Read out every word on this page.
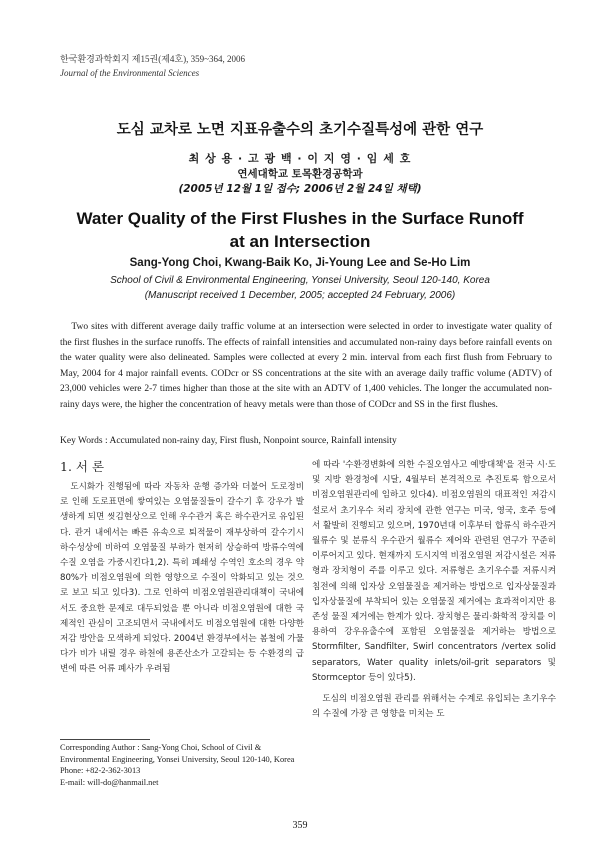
한국환경과학회지 제15권(제4호), 359~364, 2006
Journal of the Environmental Sciences
도심 교차로 노면 지표유출수의 초기수질특성에 관한 연구
최 상 용 · 고 광 백 · 이 지 영 · 임 세 호
연세대학교 토목환경공학과
(2005년 12월 1일 접수; 2006년 2월 24일 채택)
Water Quality of the First Flushes in the Surface Runoff
at an Intersection
Sang-Yong Choi, Kwang-Baik Ko, Ji-Young Lee and Se-Ho Lim
School of Civil & Environmental Engineering, Yonsei University, Seoul 120-140, Korea
(Manuscript received 1 December, 2005; accepted 24 February, 2006)

Two sites with different average daily traffic volume at an intersection were selected in order to investigate water quality of the first flushes in the surface runoffs. The effects of rainfall intensities and accumulated non-rainy days before rainfall events on the water quality were also delineated. Samples were collected at every 2 min. interval from each first flush from February to May, 2004 for 4 major rainfall events. CODcr or SS concentrations at the site with an average daily traffic volume (ADTV) of 23,000 vehicles were 2-7 times higher than those at the site with an ADTV of 1,400 vehicles. The longer the accumulated non-rainy days were, the higher the concentration of heavy metals were than those of CODcr and SS in the first flushes.

Key Words : Accumulated non-rainy day, First flush, Nonpoint source, Rainfall intensity
1. 서 론

도시화가 진행됨에 따라 자동차 운행 증가와 더불어 도로정비로 인해 도로표면에 쌓여있는 오염물질들이 갈수기 후 강우가 발생하게 되면 씻김현상으로 인해 우수관거 혹은 하수관거로 유입된다. 관거 내에서는 빠른 유속으로 퇴적물이 재부상하여 갈수기시 하수성상에 비하여 오염물질 부하가 현저히 상승하여 방류수역에 수질 오염을 가중시킨다1,2). 특히 폐쇄성 수역인 호소의 경우 약 80%가 비점오염원에 의한 영향으로 수질이 악화되고 있는 것으로 보고 되고 있다3). 그로 인하여 비점오염원관리대책이 국내에서도 중요한 문제로 대두되었을 뿐 아니라 비점오염원에 대한 국제적인 관심이 고조되면서 국내에서도 비점오염원에 대한 다양한 저감 방안을 모색하게 되었다. 2004년 환경부에서는 봄철에 가물다가 비가 내릴 경우 하천에 용존산소가 고갈되는 등 수환경의 급변에 따른 어류 폐사가 우려됨

에 따라 '수환경변화에 의한 수질오염사고 예방대책'을 전국 시·도 및 지방 환경청에 시달, 4월부터 본격적으로 추진토록 함으로서 비점오염원관리에 임하고 있다4). 비점오염원의 대표적인 저감시설로서 초기우수 처리 장치에 관한 연구는 미국, 영국, 호주 등에서 활발히 진행되고 있으며, 1970년대 이후부터 합류식 하수관거 월류수 및 분류식 우수관거 월류수 제어와 관련된 연구가 꾸준히 이루어지고 있다. 현재까지 도시지역 비점오염원 저감시설은 저류형과 장치형이 주를 이루고 있다. 저류형은 초기우수를 저류시켜 침전에 의해 입자상 오염물질을 제거하는 방법으로 입자상물질과 입자상물질에 부착되어 있는 오염물질 제거에는 효과적이지만 용존성 물질 제거에는 한계가 있다. 장치형은 물리·화학적 장치를 이용하여 강우유출수에 포함된 오염물질을 제거하는 방법으로 Stormfilter, Sandfilter, Swirl concentrators /vertex solid separators, Water quality inlets/oil-grit separators 및 Stormceptor 등이 있다5).

도심의 비점오염원 관리를 위해서는 수계로 유입되는 초기우수의 수질에 가장 큰 영향을 미치는 도

Corresponding Author : Sang-Yong Choi, School of Civil & Environmental Engineering, Yonsei University, Seoul 120-140, Korea
Phone: +82-2-362-3013
E-mail: will-do@hanmail.net
359
